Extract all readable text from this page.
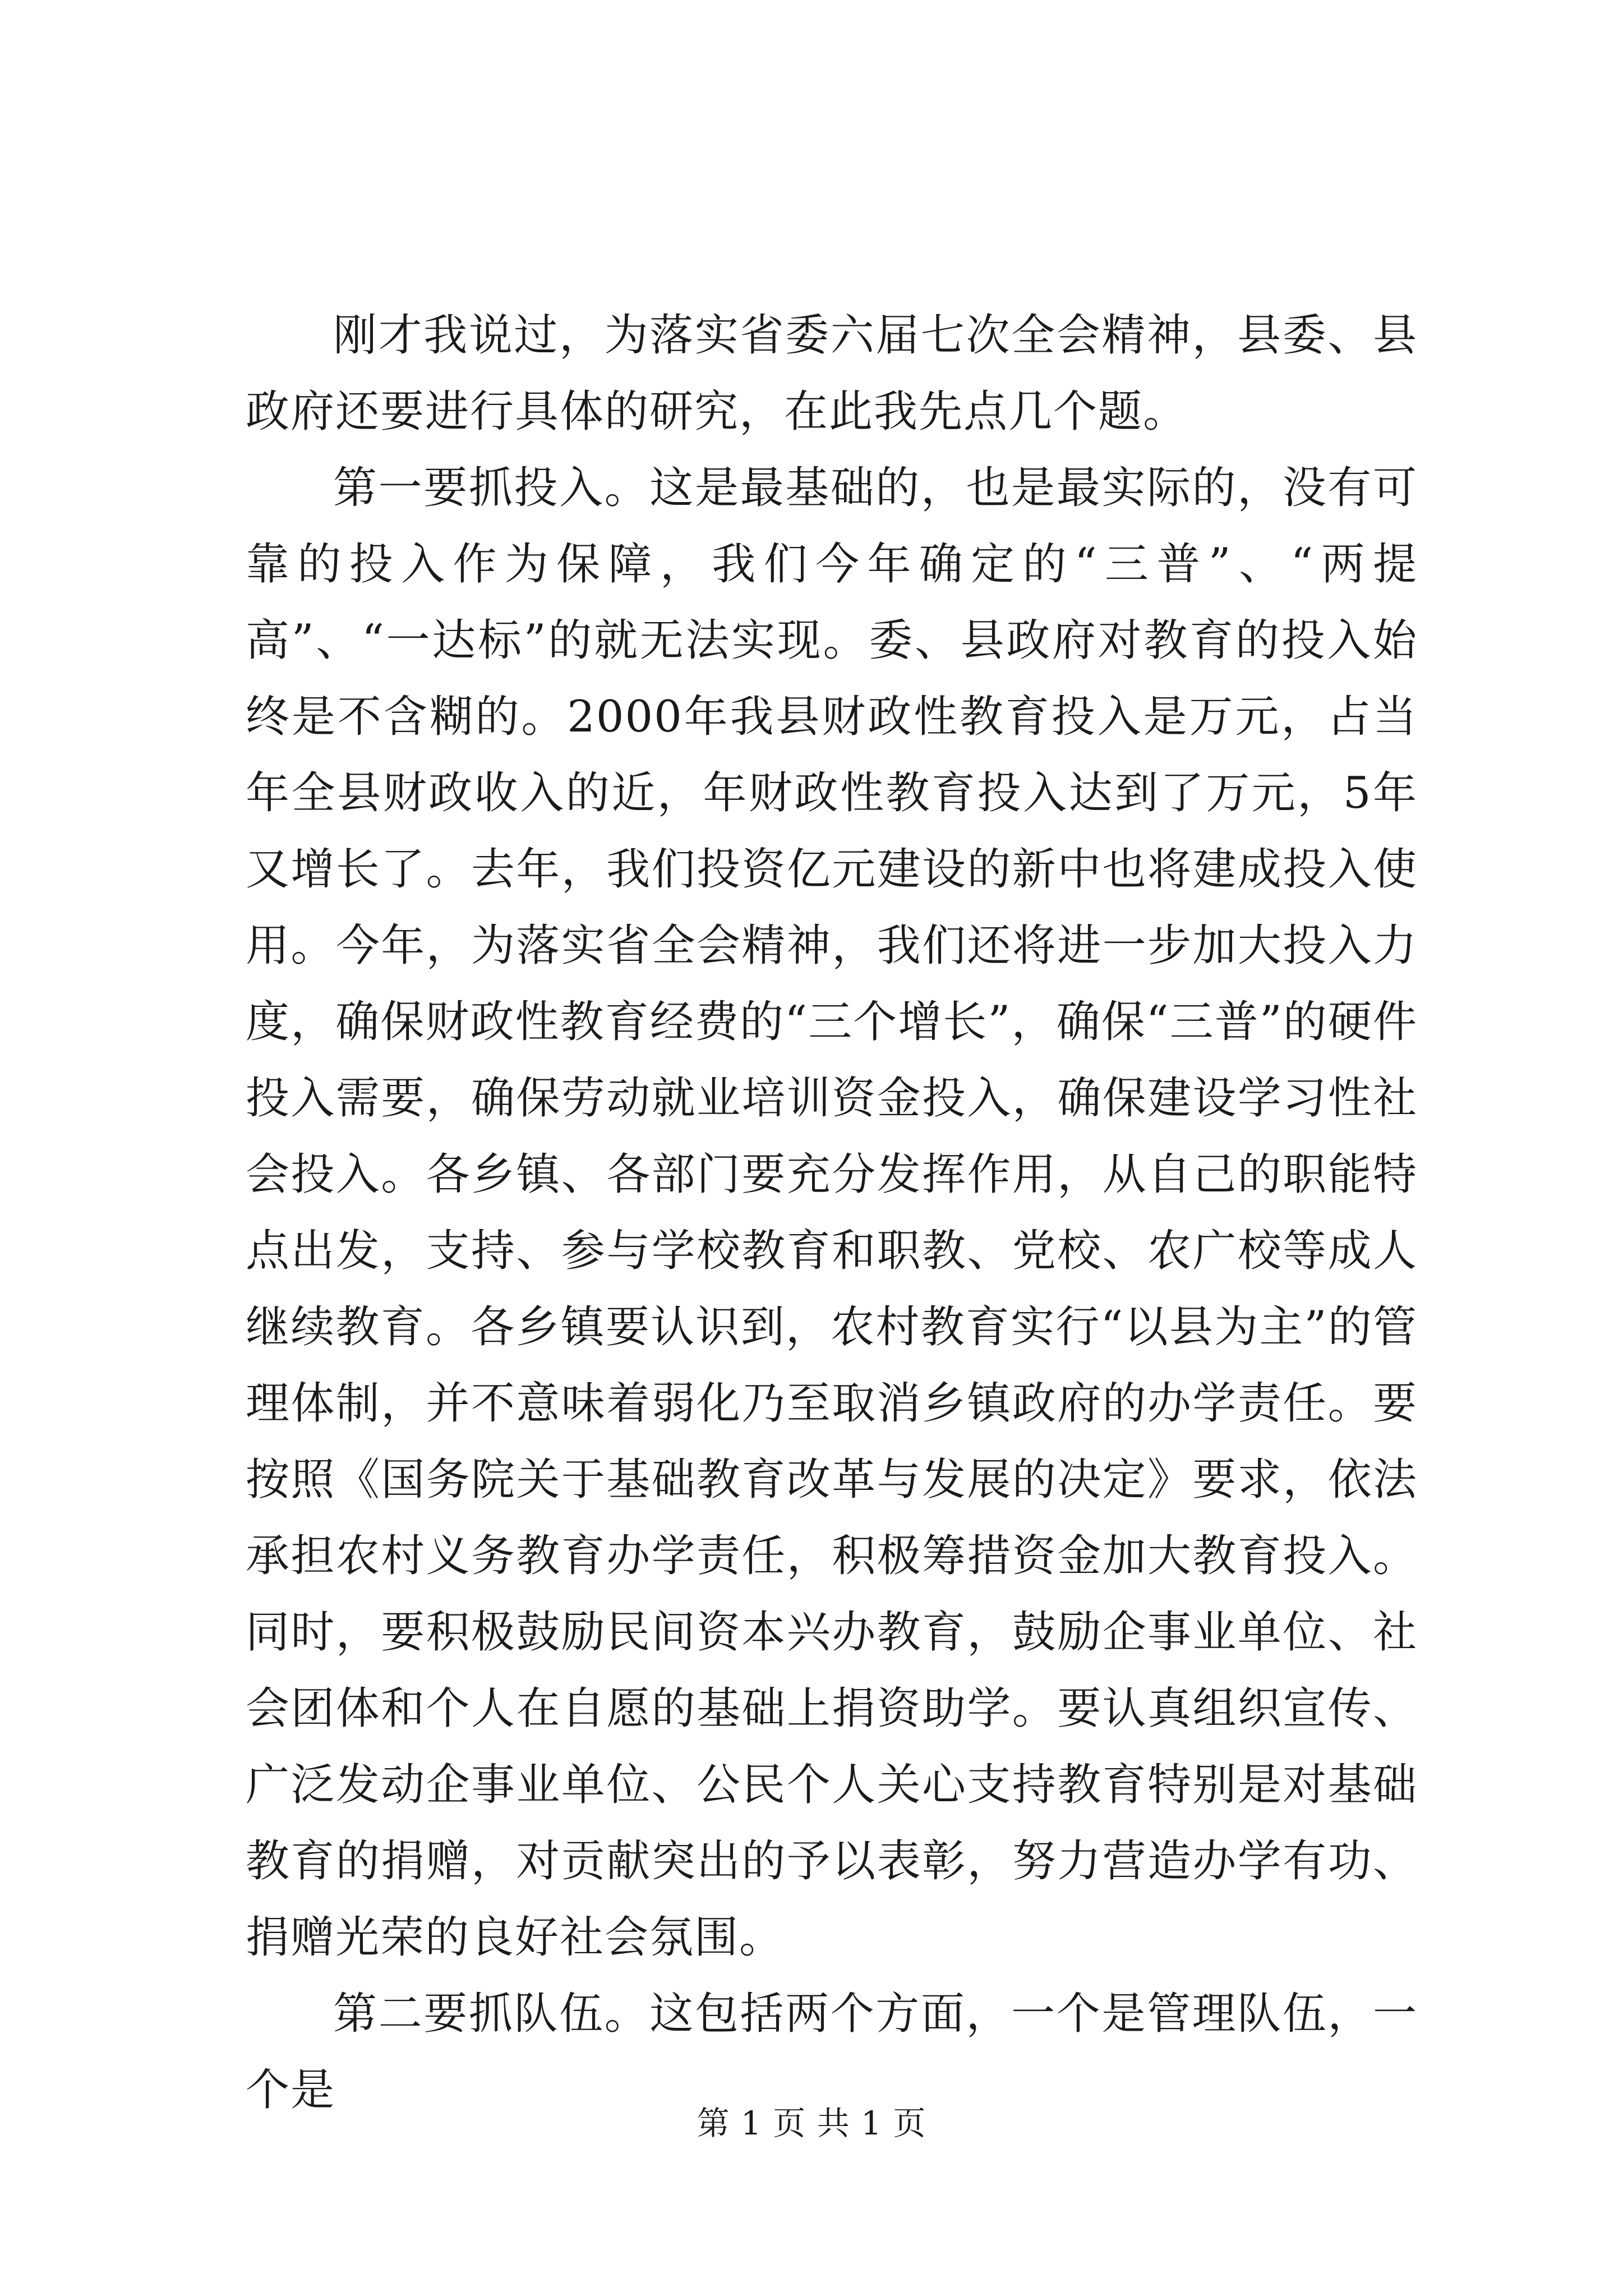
刚才我说过，为落实省委六届七次全会精神，县委、县政府还要进行具体的研究，在此我先点几个题。

第一要抓投入。这是最基础的，也是最实际的，没有可靠的投入作为保障，我们今年确定的“三普”、“两提高”、“一达标”的就无法实现。委、县政府对教育的投入始终是不含糊的。2000年我县财政性教育投入是万元，占当年全县财政收入的近，年财政性教育投入达到了万元，5年又增长了。去年，我们投资亿元建设的新中也将建成投入使用。今年，为落实省全会精神，我们还将进一步加大投入力度，确保财政性教育经费的“三个增长”，确保“三普”的硬件投入需要，确保劳动就业培训资金投入，确保建设学习性社会投入。各乡镇、各部门要充分发挥作用，从自己的职能特点出发，支持、参与学校教育和职教、党校、农广校等成人继续教育。各乡镇要认识到，农村教育实行“以县为主”的管理体制，并不意味着弱化乃至取消乡镇政府的办学责任。要按照《国务院关于基础教育改革与发展的决定》要求，依法承担农村义务教育办学责任，积极筹措资金加大教育投入。同时，要积极鼓励民间资本兴办教育，鼓励企事业单位、社会团体和个人在自愿的基础上捐资助学。要认真组织宣传、广泛发动企事业单位、公民个人关心支持教育特别是对基础教育的捐赠，对贡献突出的予以表彰，努力营造办学有功、捐赠光荣的良好社会氛围。

第二要抓队伍。这包括两个方面，一个是管理队伍，一个是

第 1 页 共 1 页
